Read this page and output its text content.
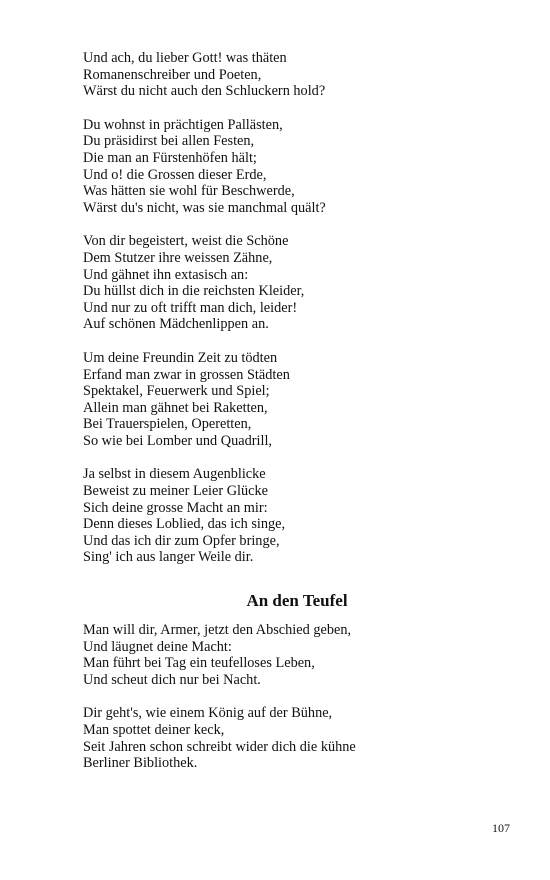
Und ach, du lieber Gott! was thäten
Romanenschreiber und Poeten,
Wärst du nicht auch den Schluckern hold?
Du wohnst in prächtigen Pallästen,
Du präsidirst bei allen Festen,
Die man an Fürstenhöfen hält;
Und o! die Grossen dieser Erde,
Was hätten sie wohl für Beschwerde,
Wärst du's nicht, was sie manchmal quält?
Von dir begeistert, weist die Schöne
Dem Stutzer ihre weissen Zähne,
Und gähnet ihn extasisch an:
Du hüllst dich in die reichsten Kleider,
Und nur zu oft trifft man dich, leider!
Auf schönen Mädchenlippen an.
Um deine Freundin Zeit zu tödten
Erfand man zwar in grossen Städten
Spektakel, Feuerwerk und Spiel;
Allein man gähnet bei Raketten,
Bei Trauerspielen, Operetten,
So wie bei Lomber und Quadrill,
Ja selbst in diesem Augenblicke
Beweist zu meiner Leier Glücke
Sich deine grosse Macht an mir:
Denn dieses Loblied, das ich singe,
Und das ich dir zum Opfer bringe,
Sing' ich aus langer Weile dir.
An den Teufel
Man will dir, Armer, jetzt den Abschied geben,
Und läugnet deine Macht:
Man führt bei Tag ein teufelloses Leben,
Und scheut dich nur bei Nacht.
Dir geht's, wie einem König auf der Bühne,
Man spottet deiner keck,
Seit Jahren schon schreibt wider dich die kühne
Berliner Bibliothek.
107
